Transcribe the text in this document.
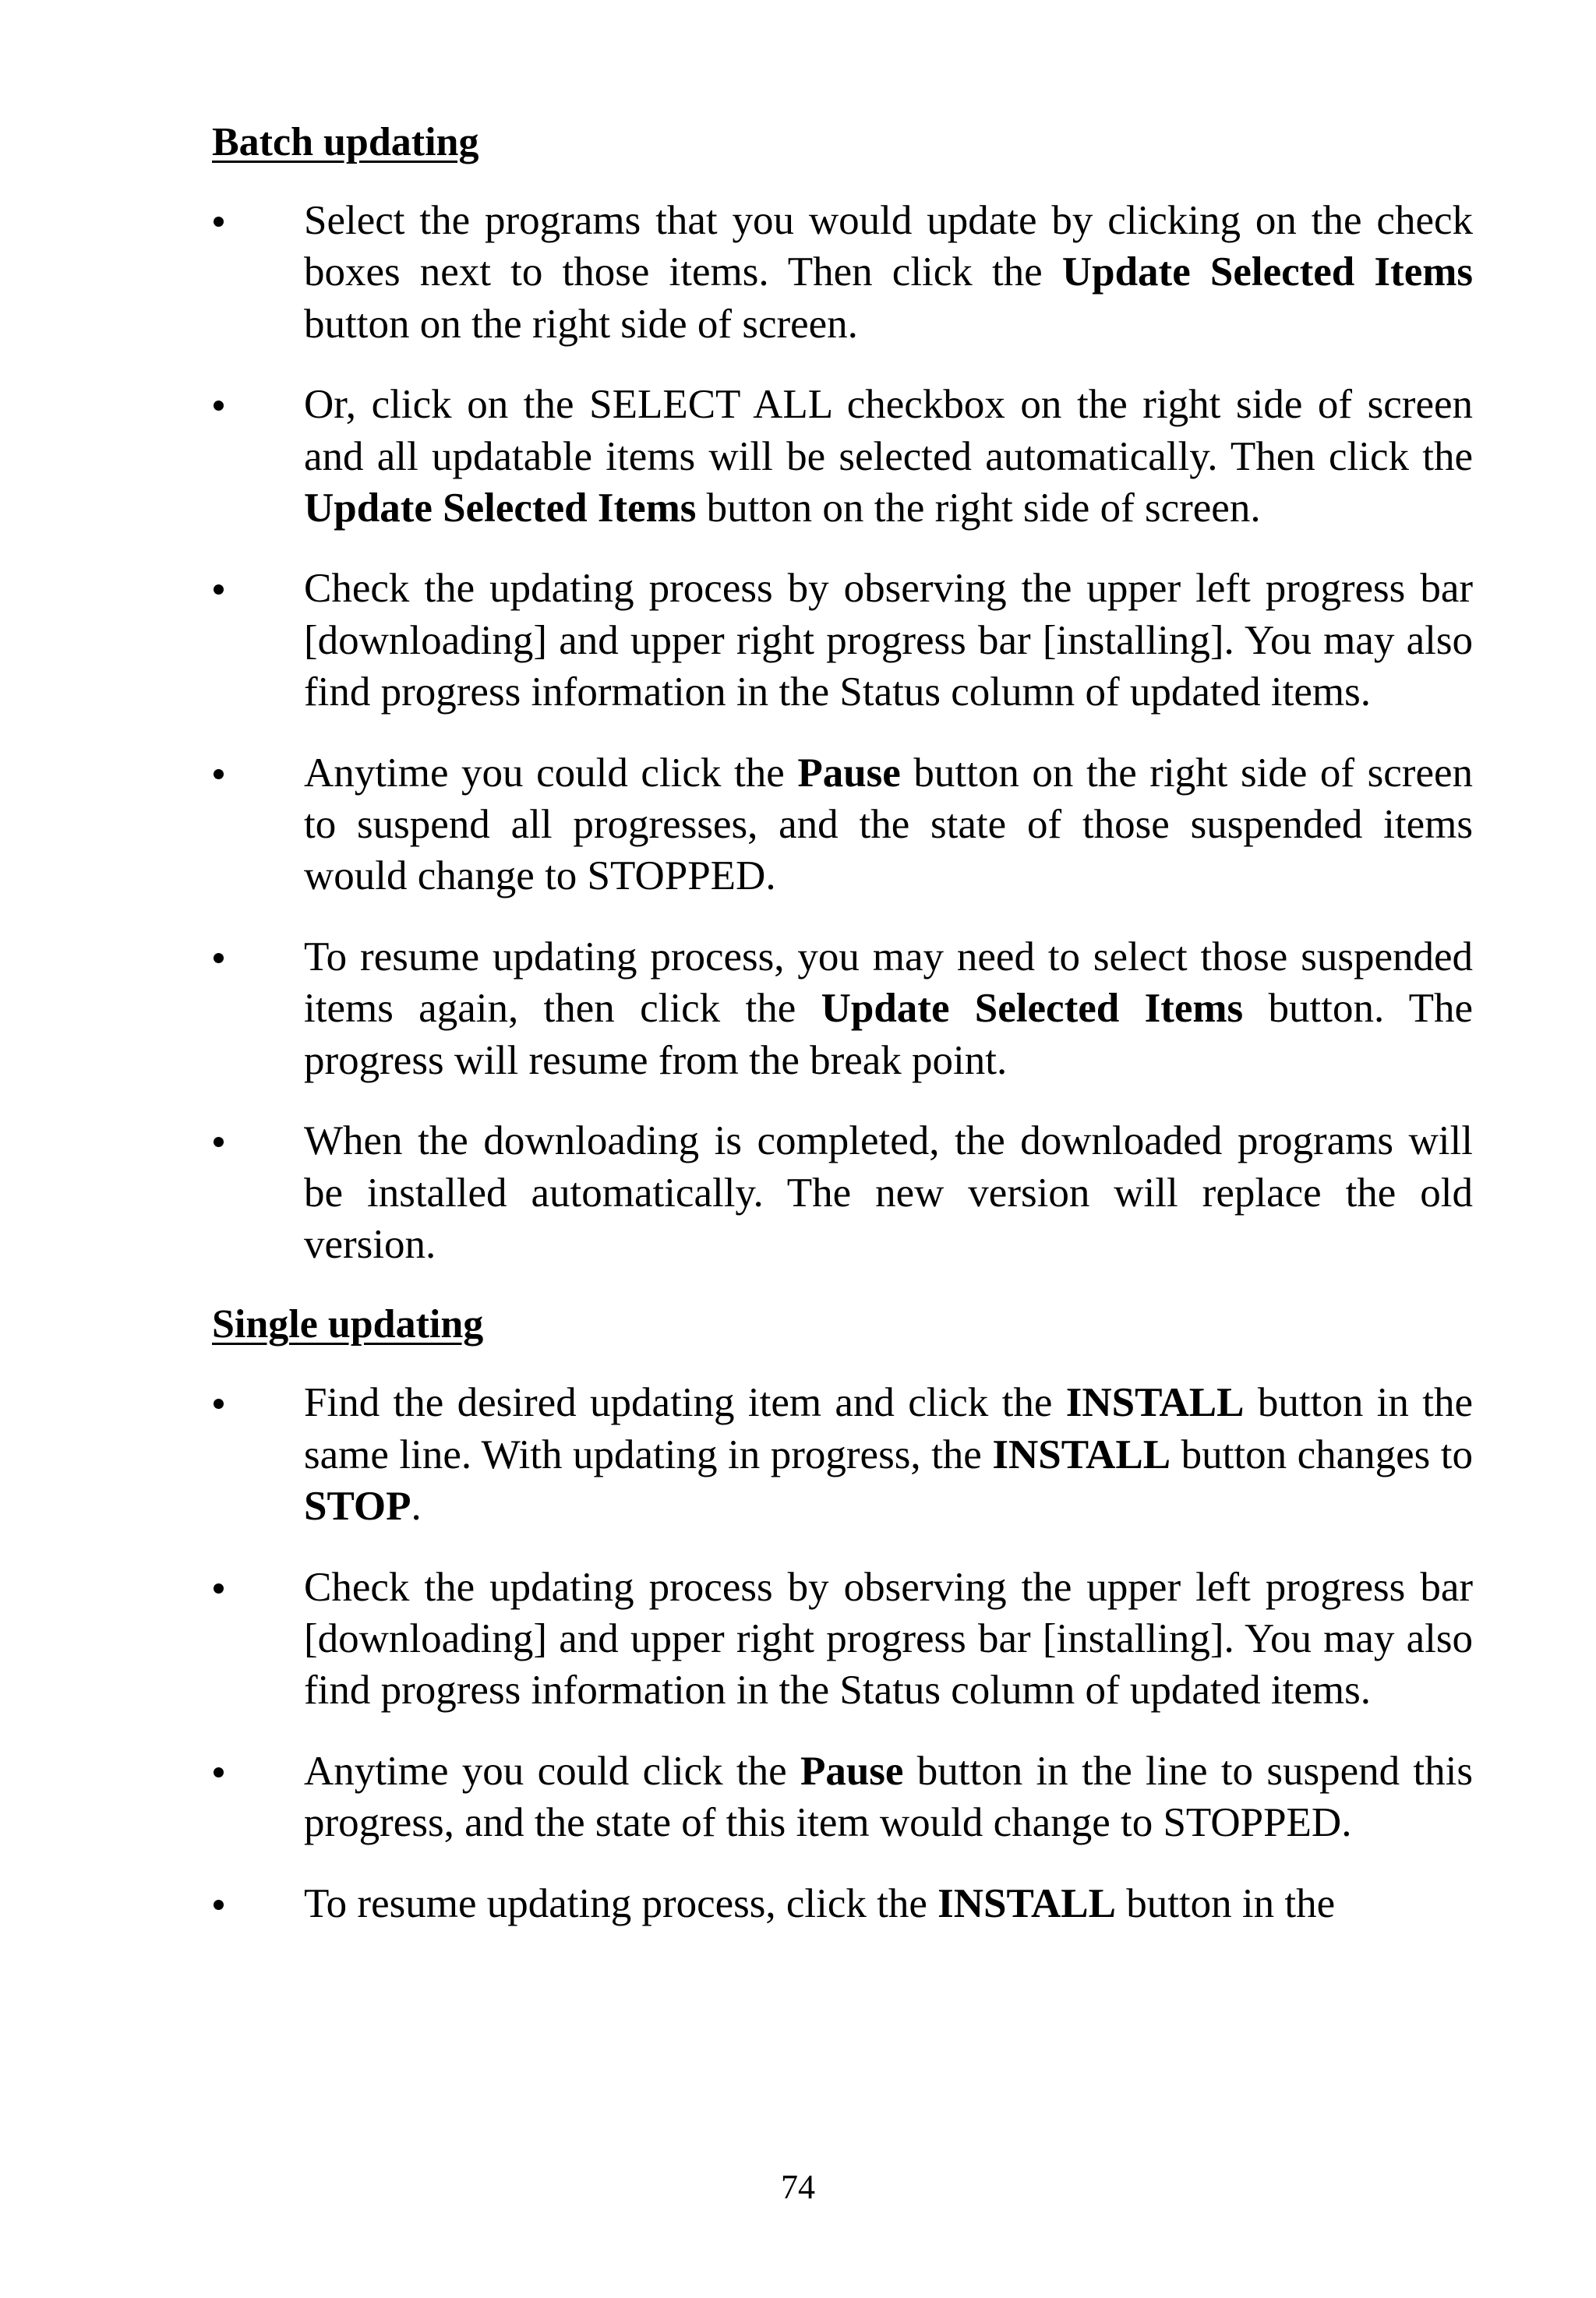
Batch updating
Select the programs that you would update by clicking on the check boxes next to those items. Then click the Update Selected Items button on the right side of screen.
Or, click on the SELECT ALL checkbox on the right side of screen and all updatable items will be selected automatically. Then click the Update Selected Items button on the right side of screen.
Check the updating process by observing the upper left progress bar [downloading] and upper right progress bar [installing]. You may also find progress information in the Status column of updated items.
Anytime you could click the Pause button on the right side of screen to suspend all progresses, and the state of those suspended items would change to STOPPED.
To resume updating process, you may need to select those suspended items again, then click the Update Selected Items button. The progress will resume from the break point.
When the downloading is completed, the downloaded programs will be installed automatically. The new version will replace the old version.
Single updating
Find the desired updating item and click the INSTALL button in the same line. With updating in progress, the INSTALL button changes to STOP.
Check the updating process by observing the upper left progress bar [downloading] and upper right progress bar [installing]. You may also find progress information in the Status column of updated items.
Anytime you could click the Pause button in the line to suspend this progress, and the state of this item would change to STOPPED.
To resume updating process, click the INSTALL button in the
74
